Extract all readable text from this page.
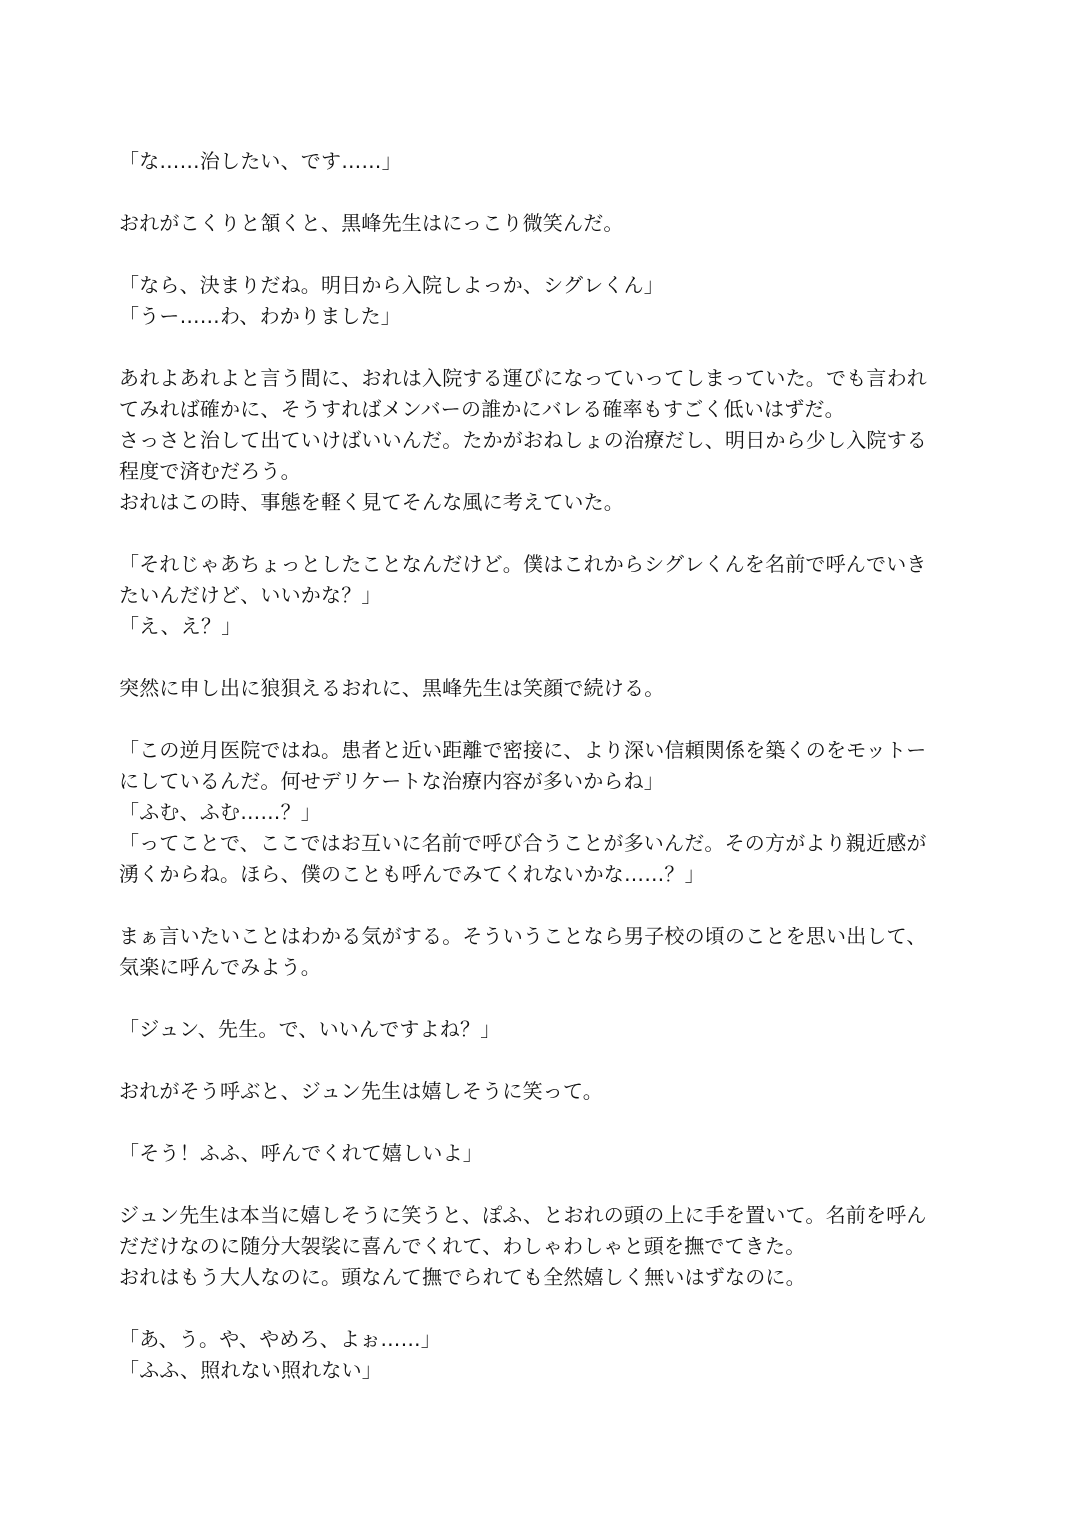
「な……治したい、です……」

おれがこくりと頷くと、黒峰先生はにっこり微笑んだ。

「なら、決まりだね。明日から入院しよっか、シグレくん」
「うー……わ、わかりました」

あれよあれよと言う間に、おれは入院する運びになっていってしまっていた。でも言われ
てみれば確かに、そうすればメンバーの誰かにバレる確率もすごく低いはずだ。
さっさと治して出ていけばいいんだ。たかがおねしょの治療だし、明日から少し入院する
程度で済むだろう。
おれはこの時、事態を軽く見てそんな風に考えていた。

「それじゃあちょっとしたことなんだけど。僕はこれからシグレくんを名前で呼んでいき
たいんだけど、いいかな？」
「え、え？」

突然に申し出に狼狽えるおれに、黒峰先生は笑顔で続ける。

「この逆月医院ではね。患者と近い距離で密接に、より深い信頼関係を築くのをモットー
にしているんだ。何せデリケートな治療内容が多いからね」
「ふむ、ふむ……？」
「ってことで、ここではお互いに名前で呼び合うことが多いんだ。その方がより親近感が
湧くからね。ほら、僕のことも呼んでみてくれないかな……？」

まぁ言いたいことはわかる気がする。そういうことなら男子校の頃のことを思い出して、
気楽に呼んでみよう。

「ジュン、先生。で、いいんですよね？」

おれがそう呼ぶと、ジュン先生は嬉しそうに笑って。

「そう！ふふ、呼んでくれて嬉しいよ」

ジュン先生は本当に嬉しそうに笑うと、ぽふ、とおれの頭の上に手を置いて。名前を呼ん
だだけなのに随分大袈裟に喜んでくれて、わしゃわしゃと頭を撫でてきた。
おれはもう大人なのに。頭なんて撫でられても全然嬉しく無いはずなのに。

「あ、う。や、やめろ、よぉ……」
「ふふ、照れない照れない」
